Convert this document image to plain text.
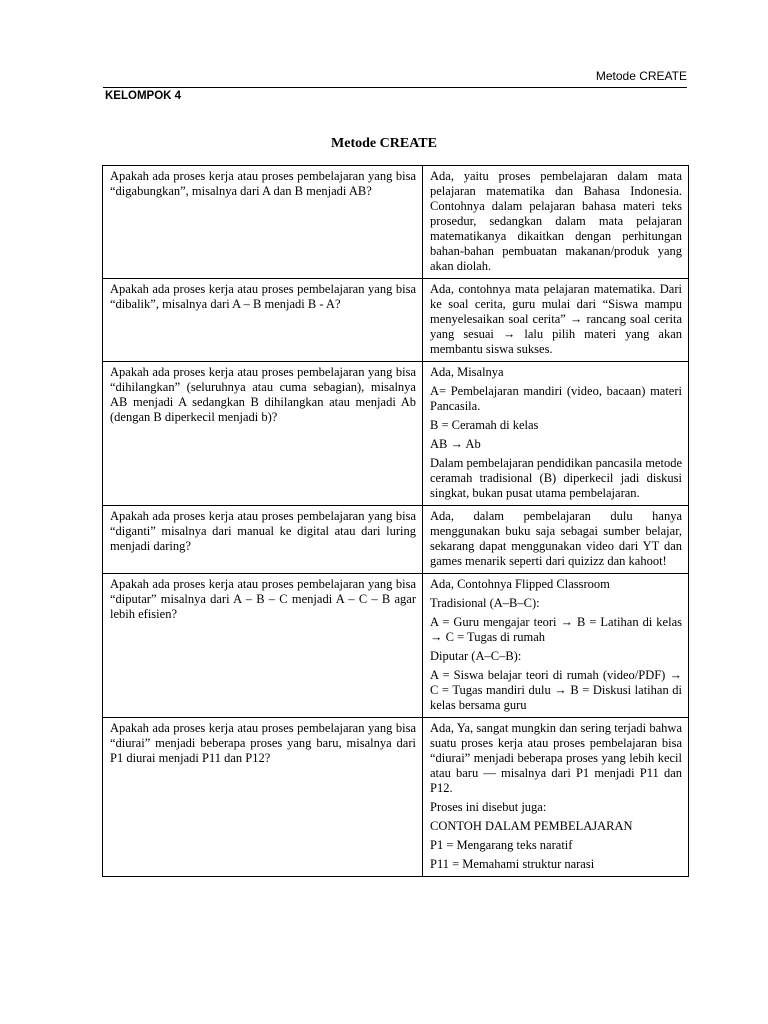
Metode CREATE
KELOMPOK 4
Metode CREATE
Apakah ada proses kerja atau proses pembelajaran yang bisa “digabungkan”, misalnya dari A dan B menjadi AB?	Ada, yaitu proses pembelajaran dalam mata pelajaran matematika dan Bahasa Indonesia. Contohnya dalam pelajaran bahasa materi teks prosedur, sedangkan dalam mata pelajaran matematikanya dikaitkan dengan perhitungan bahan-bahan pembuatan makanan/produk yang akan diolah.

Apakah ada proses kerja atau proses pembelajaran yang bisa “dibalik”, misalnya dari A – B menjadi B - A?	Ada, contohnya mata pelajaran matematika. Dari ke soal cerita, guru mulai dari “Siswa mampu menyelesaikan soal cerita” → rancang soal cerita yang sesuai → lalu pilih materi yang akan membantu siswa sukses.

Apakah ada proses kerja atau proses pembelajaran yang bisa “dihilangkan” (seluruhnya atau cuma sebagian), misalnya AB menjadi A sedangkan B dihilangkan atau menjadi Ab (dengan B diperkecil menjadi b)?	Ada, Misalnya

A= Pembelajaran mandiri (video, bacaan) materi Pancasila.

B = Ceramah di kelas

AB → Ab

Dalam pembelajaran pendidikan pancasila metode ceramah tradisional (B) diperkecil jadi diskusi singkat, bukan pusat utama pembelajaran.

Apakah ada proses kerja atau proses pembelajaran yang bisa “diganti” misalnya dari manual ke digital atau dari luring menjadi daring?	Ada, dalam pembelajaran dulu hanya menggunakan buku saja sebagai sumber belajar, sekarang dapat menggunakan video dari YT dan games menarik seperti dari quizizz dan kahoot!

Apakah ada proses kerja atau proses pembelajaran yang bisa “diputar” misalnya dari A – B – C menjadi A – C – B agar lebih efisien?	Ada, Contohnya Flipped Classroom

Tradisional (A–B–C):

A = Guru mengajar teori → B = Latihan di kelas → C = Tugas di rumah

Diputar (A–C–B):

A = Siswa belajar teori di rumah (video/PDF) → C = Tugas mandiri dulu → B = Diskusi latihan di kelas bersama guru

Apakah ada proses kerja atau proses pembelajaran yang bisa “diurai” menjadi beberapa proses yang baru, misalnya dari P1 diurai menjadi P11 dan P12?	Ada, Ya, sangat mungkin dan sering terjadi bahwa suatu proses kerja atau proses pembelajaran bisa “diurai” menjadi beberapa proses yang lebih kecil atau baru — misalnya dari P1 menjadi P11 dan P12.

Proses ini disebut juga:

CONTOH DALAM PEMBELAJARAN

P1 = Mengarang teks naratif

P11 = Memahami struktur narasi
